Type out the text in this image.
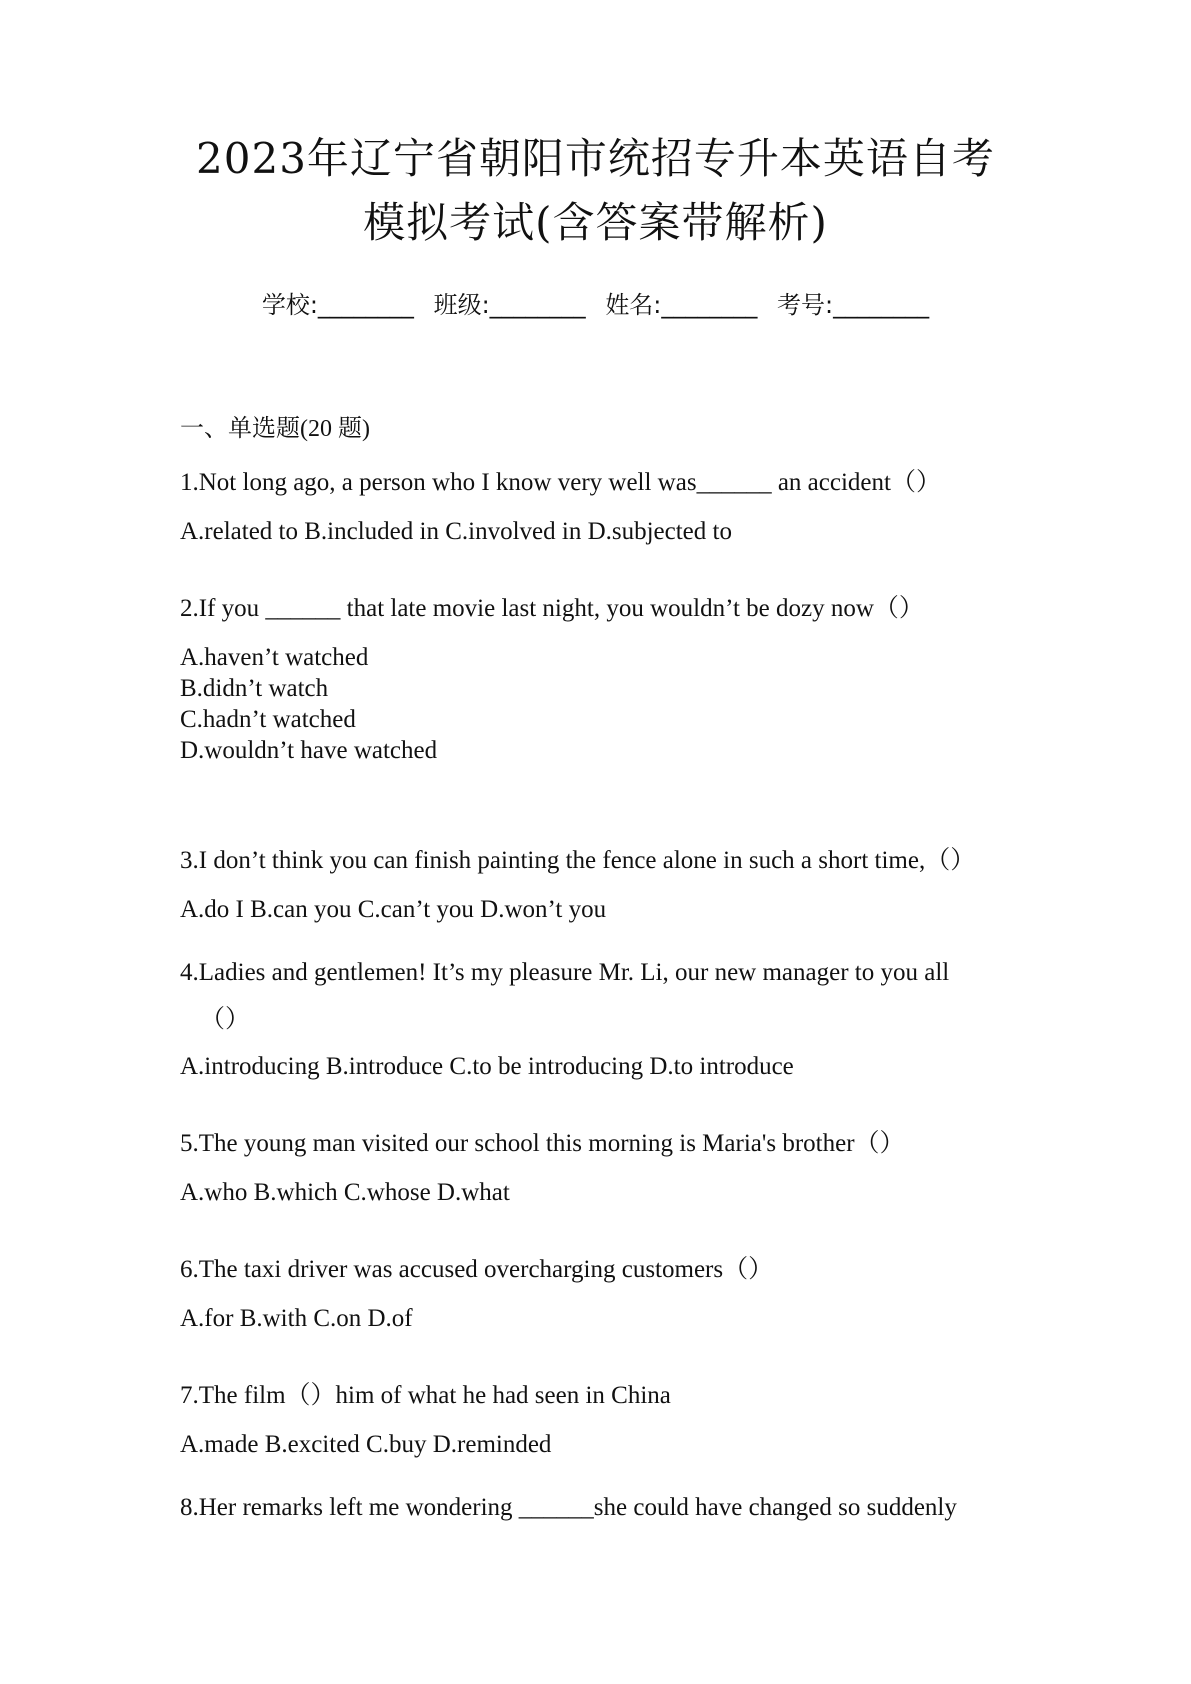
2023年辽宁省朝阳市统招专升本英语自考
模拟考试(含答案带解析)
学校:________ 班级:________ 姓名:________ 考号:________
一、单选题(20 题)
1.Not long ago, a person who I know very well was______ an accident（）
A.related to B.included in C.involved in D.subjected to
2.If you ______ that late movie last night, you wouldn’t be dozy now（）
A.haven’t watched
B.didn’t watch
C.hadn’t watched
D.wouldn’t have watched
3.I don’t think you can finish painting the fence alone in such a short time,（）
A.do I B.can you C.can’t you D.won’t you
4.Ladies and gentlemen! It’s my pleasure Mr. Li, our new manager to you all
（）
A.introducing B.introduce C.to be introducing D.to introduce
5.The young man visited our school this morning is Maria's brother（）
A.who B.which C.whose D.what
6.The taxi driver was accused overcharging customers（）
A.for B.with C.on D.of
7.The film（）him of what he had seen in China
A.made B.excited C.buy D.reminded
8.Her remarks left me wondering ______she could have changed so suddenly
